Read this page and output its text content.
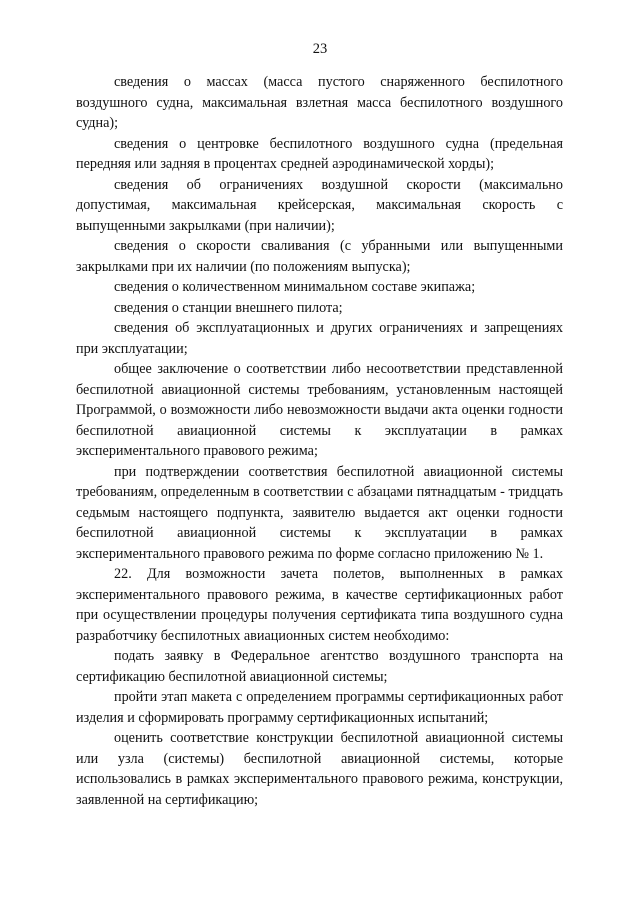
23

сведения о массах (масса пустого снаряженного беспилотного воздушного судна, максимальная взлетная масса беспилотного воздушного судна);

сведения о центровке беспилотного воздушного судна (предельная передняя или задняя в процентах средней аэродинамической хорды);

сведения об ограничениях воздушной скорости (максимально допустимая, максимальная крейсерская, максимальная скорость с выпущенными закрылками (при наличии);

сведения о скорости сваливания (с убранными или выпущенными закрылками при их наличии (по положениям выпуска);

сведения о количественном минимальном составе экипажа;

сведения о станции внешнего пилота;

сведения об эксплуатационных и других ограничениях и запрещениях при эксплуатации;

общее заключение о соответствии либо несоответствии представленной беспилотной авиационной системы требованиям, установленным настоящей Программой, о возможности либо невозможности выдачи акта оценки годности беспилотной авиационной системы к эксплуатации в рамках экспериментального правового режима;

при подтверждении соответствия беспилотной авиационной системы требованиям, определенным в соответствии с абзацами пятнадцатым - тридцать седьмым настоящего подпункта, заявителю выдается акт оценки годности беспилотной авиационной системы к эксплуатации в рамках экспериментального правового режима по форме согласно приложению № 1.

22. Для возможности зачета полетов, выполненных в рамках экспериментального правового режима, в качестве сертификационных работ при осуществлении процедуры получения сертификата типа воздушного судна разработчику беспилотных авиационных систем необходимо:

подать заявку в Федеральное агентство воздушного транспорта на сертификацию беспилотной авиационной системы;

пройти этап макета с определением программы сертификационных работ изделия и сформировать программу сертификационных испытаний;

оценить соответствие конструкции беспилотной авиационной системы или узла (системы) беспилотной авиационной системы, которые использовались в рамках экспериментального правового режима, конструкции, заявленной на сертификацию;
